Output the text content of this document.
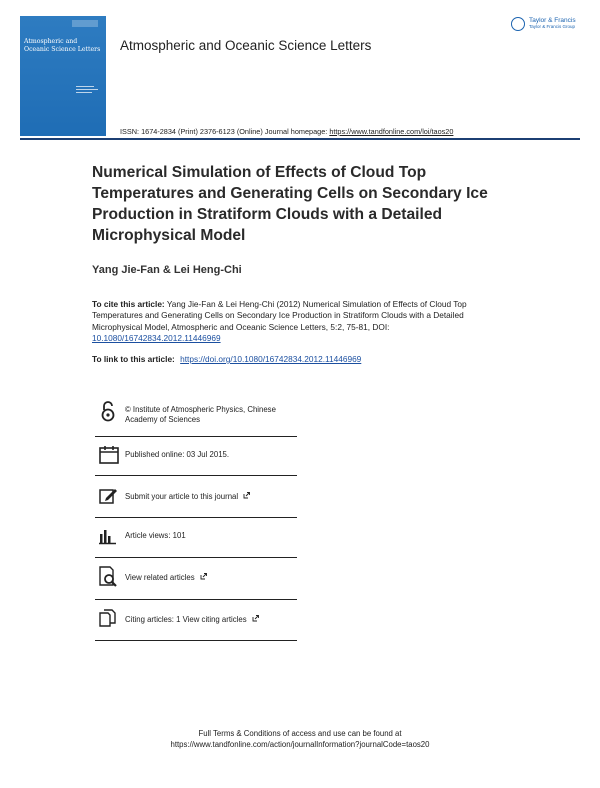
Atmospheric and Oceanic Science Letters
Taylor & Francis
Taylor & Francis Group
Atmospheric and Oceanic Science Letters
ISSN: 1674-2834 (Print) 2376-6123 (Online) Journal homepage: https://www.tandfonline.com/loi/taos20
Numerical Simulation of Effects of Cloud Top Temperatures and Generating Cells on Secondary Ice Production in Stratiform Clouds with a Detailed Microphysical Model
Yang Jie-Fan & Lei Heng-Chi
To cite this article: Yang Jie-Fan & Lei Heng-Chi (2012) Numerical Simulation of Effects of Cloud Top Temperatures and Generating Cells on Secondary Ice Production in Stratiform Clouds with a Detailed Microphysical Model, Atmospheric and Oceanic Science Letters, 5:2, 75-81, DOI: 10.1080/16742834.2012.11446969
To link to this article: https://doi.org/10.1080/16742834.2012.11446969
© Institute of Atmospheric Physics, Chinese Academy of Sciences
Published online: 03 Jul 2015.
Submit your article to this journal
Article views: 101
View related articles
Citing articles: 1 View citing articles
Full Terms & Conditions of access and use can be found at
https://www.tandfonline.com/action/journalInformation?journalCode=taos20
